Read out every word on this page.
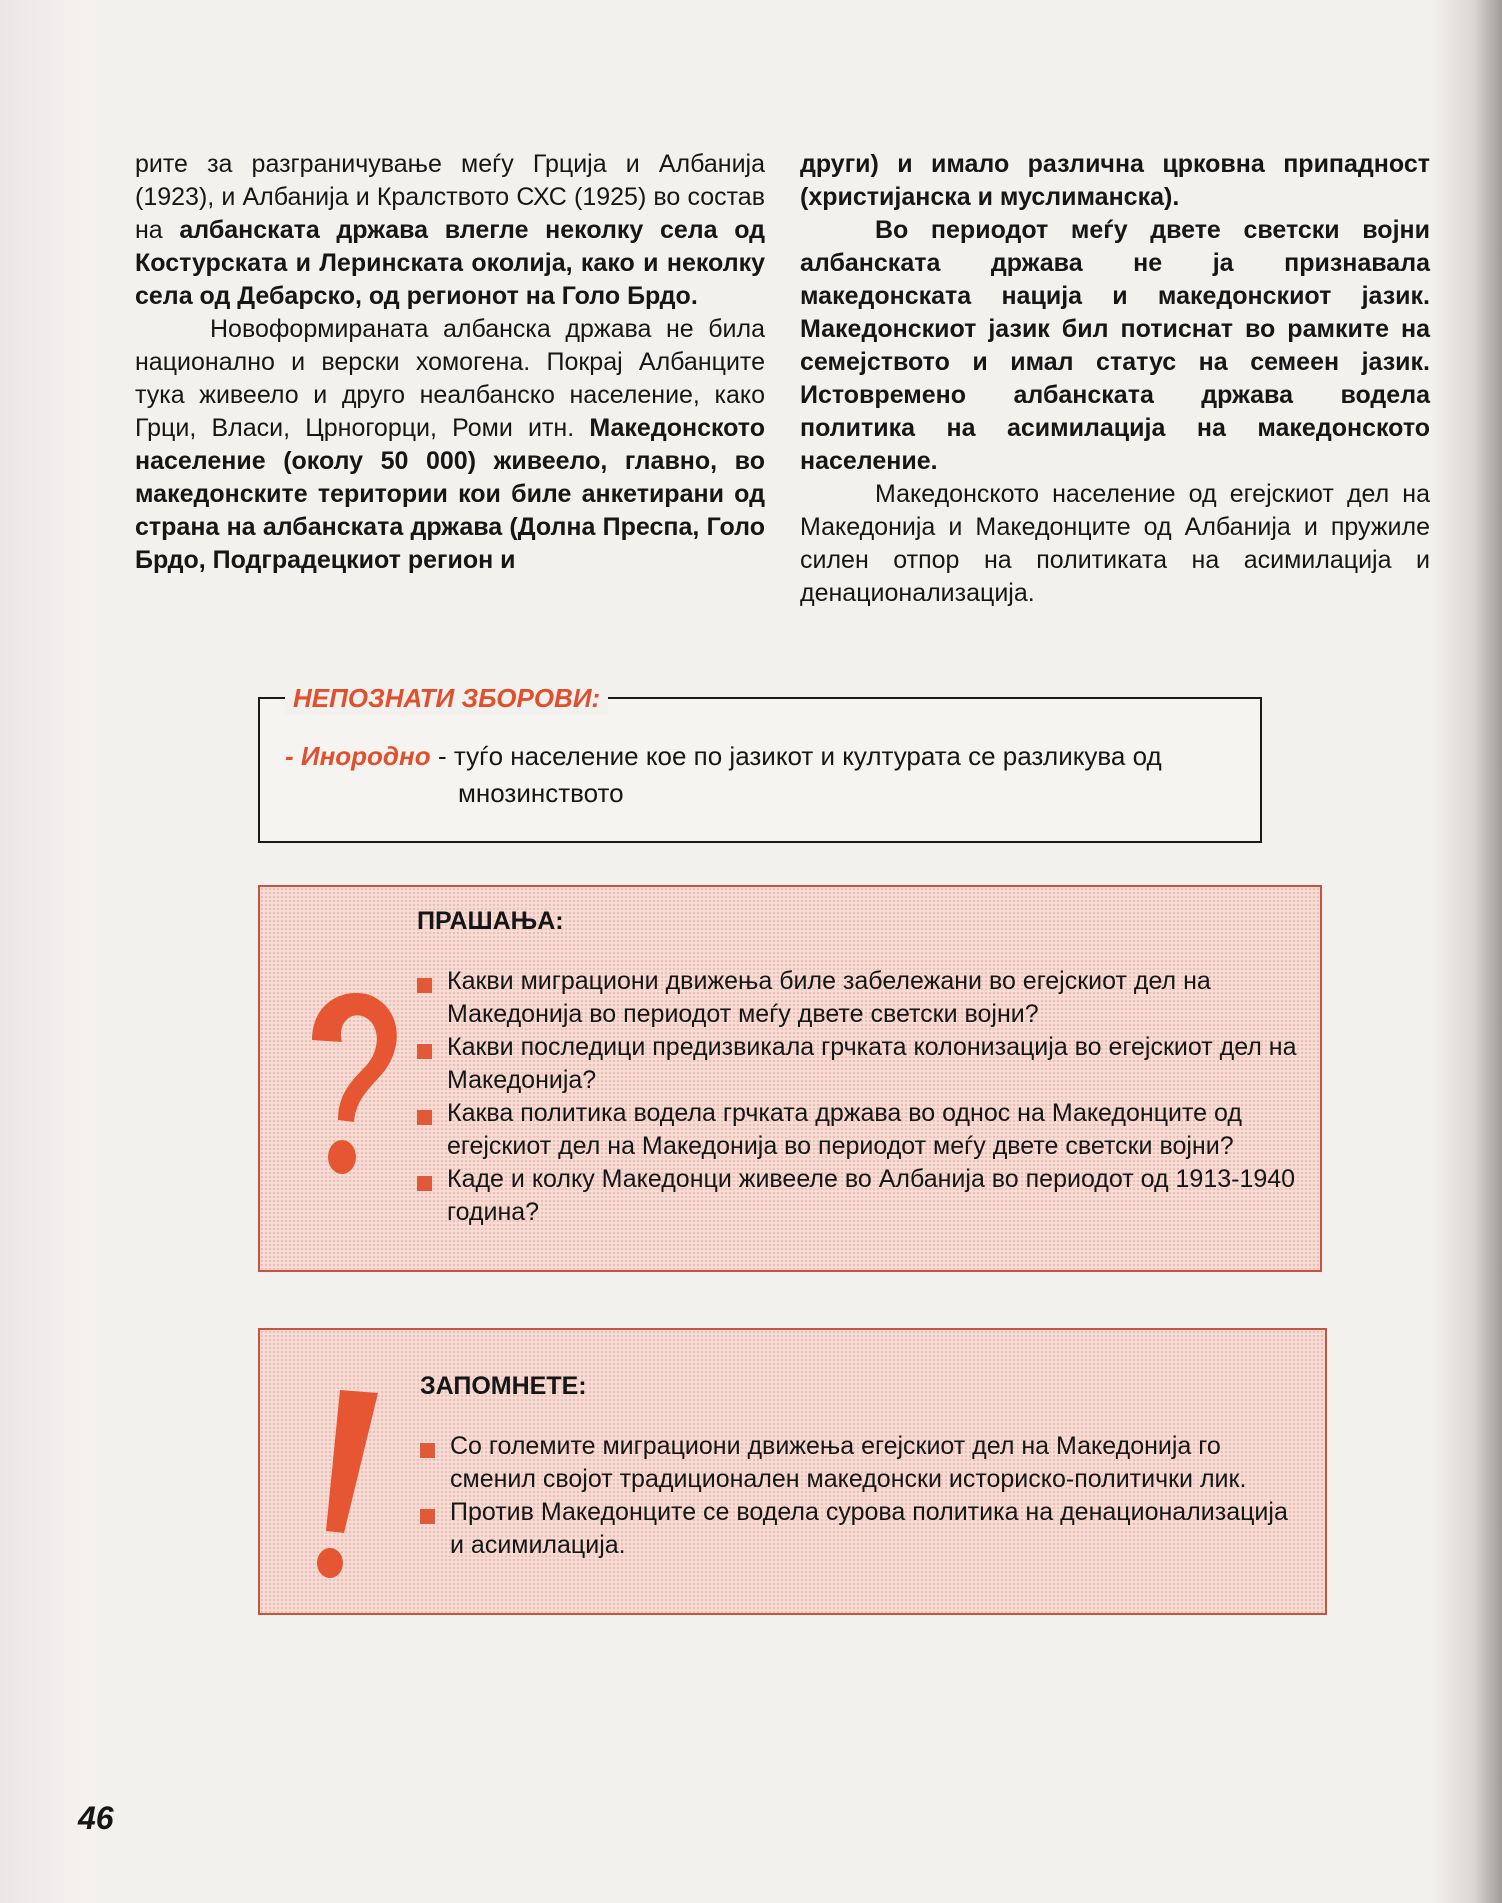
рите за разграничување меѓу Грција и Албанија (1923), и Албанија и Кралството СХС (1925) во состав на албанската држава влегле неколку села од Костурската и Леринската околија, како и неколку села од Дебарско, од регионот на Голо Брдо.

Новоформираната албанска држава не била национално и верски хомогена. Покрај Албанците тука живеело и друго неалбанско население, како Грци, Власи, Црногорци, Роми итн. Македонското население (околу 50 000) живеело, главно, во македонските територии кои биле анкетирани од страна на албанската држава (Долна Преспа, Голо Брдо, Подградецкиот регион и

други) и имало различна црковна припадност (христијанска и муслиманска).

Во периодот меѓу двете светски војни албанската држава не ја признавала македонската нација и македонскиот јазик. Македонскиот јазик бил потиснат во рамките на семејството и имал статус на семеен јазик. Истовремено албанската држава водела политика на асимилација на македонското население.

Македонското население од егејскиот дел на Македонија и Македонците од Албанија и пружиле силен отпор на политиката на асимилација и денационализација.

НЕПОЗНАТИ ЗБОРОВИ:
- Инородно - туѓо население кое по јазикот и културата се разликува од
мнозинството
ПРАШАЊА:
Какви миграциони движења биле забележани во егејскиот дел на Македонија во периодот меѓу двете светски војни?
Какви последици предизвикала грчката колонизација во егејскиот дел на Македонија?
Каква политика водела грчката држава во однос на Македонците од егејскиот дел на Македонија во периодот меѓу двете светски војни?
Каде и колку Македонци живееле во Албанија во периодот од 1913-1940 година?
ЗАПОМНЕТЕ:
Со големите миграциони движења егејскиот дел на Македонија го сменил својот традиционален македонски историско-политички лик.
Против Македонците се водела сурова политика на денационализација и асимилација.
46
